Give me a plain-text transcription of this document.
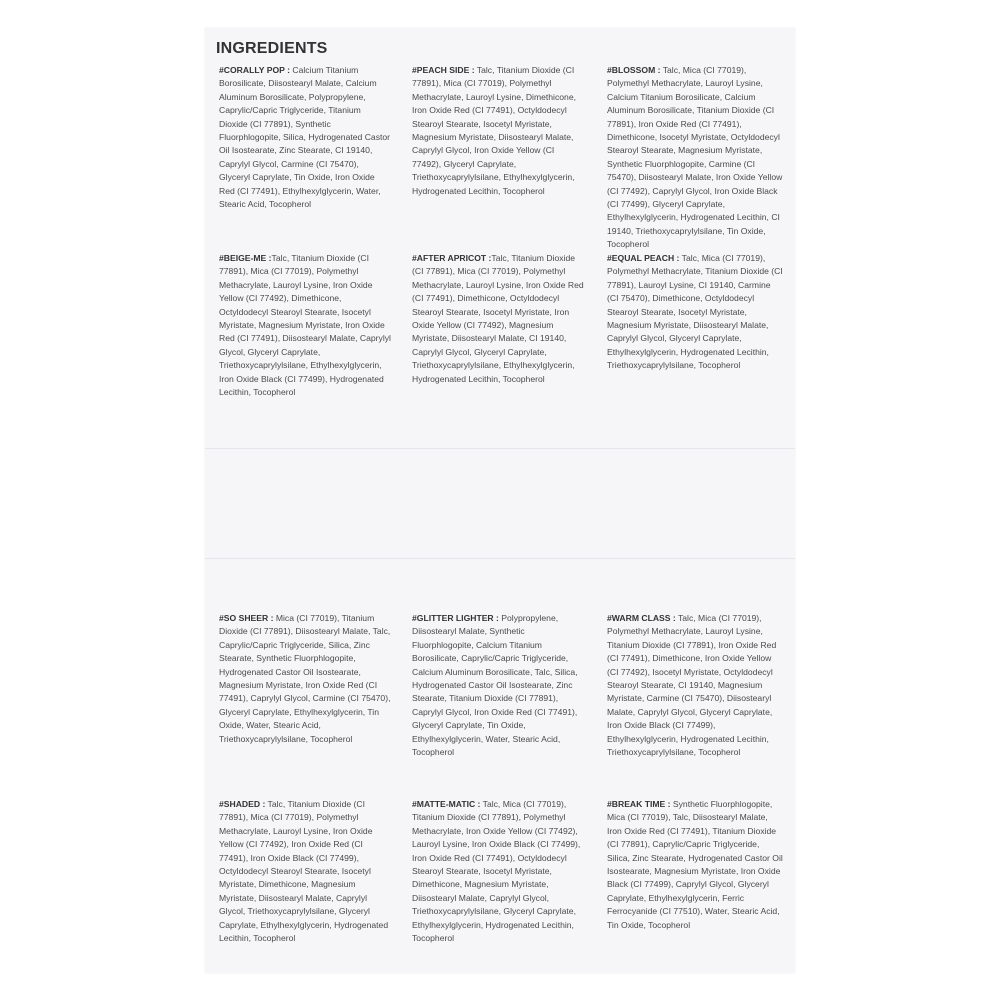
INGREDIENTS

#CORALLY POP : Calcium Titanium Borosilicate, Diisostearyl Malate, Calcium Aluminum Borosilicate, Polypropylene, Caprylic/Capric Triglyceride, Titanium Dioxide (CI 77891), Synthetic Fluorphlogopite, Silica, Hydrogenated Castor Oil Isostearate, Zinc Stearate, CI 19140, Caprylyl Glycol, Carmine (CI 75470), Glyceryl Caprylate, Tin Oxide, Iron Oxide Red (CI 77491), Ethylhexylglycerin, Water, Stearic Acid, Tocopherol

#PEACH SIDE : Talc, Titanium Dioxide (CI 77891), Mica (CI 77019), Polymethyl Methacrylate, Lauroyl Lysine, Dimethicone, Iron Oxide Red (CI 77491), Octyldodecyl Stearoyl Stearate, Isocetyl Myristate, Magnesium Myristate, Diisostearyl Malate, Caprylyl Glycol, Iron Oxide Yellow (CI 77492), Glyceryl Caprylate, Triethoxycaprylylsilane, Ethylhexylglycerin, Hydrogenated Lecithin, Tocopherol

#BLOSSOM : Talc, Mica (CI 77019), Polymethyl Methacrylate, Lauroyl Lysine, Calcium Titanium Borosilicate, Calcium Aluminum Borosilicate, Titanium Dioxide (CI 77891), Iron Oxide Red (CI 77491), Dimethicone, Isocetyl Myristate, Octyldodecyl Stearoyl Stearate, Magnesium Myristate, Synthetic Fluorphlogopite, Carmine (CI 75470), Diisostearyl Malate, Iron Oxide Yellow (CI 77492), Caprylyl Glycol, Iron Oxide Black (CI 77499), Glyceryl Caprylate, Ethylhexylglycerin, Hydrogenated Lecithin, CI 19140, Triethoxycaprylylsilane, Tin Oxide, Tocopherol

#BEIGE-ME :Talc, Titanium Dioxide (CI 77891), Mica (CI 77019), Polymethyl Methacrylate, Lauroyl Lysine, Iron Oxide Yellow (CI 77492), Dimethicone, Octyldodecyl Stearoyl Stearate, Isocetyl Myristate, Magnesium Myristate, Iron Oxide Red (CI 77491), Diisostearyl Malate, Caprylyl Glycol, Glyceryl Caprylate, Triethoxycaprylylsilane, Ethylhexylglycerin, Iron Oxide Black (CI 77499), Hydrogenated Lecithin, Tocopherol

#AFTER APRICOT :Talc, Titanium Dioxide (CI 77891), Mica (CI 77019), Polymethyl Methacrylate, Lauroyl Lysine, Iron Oxide Red (CI 77491), Dimethicone, Octyldodecyl Stearoyl Stearate, Isocetyl Myristate, Iron Oxide Yellow (CI 77492), Magnesium Myristate, Diisostearyl Malate, CI 19140, Caprylyl Glycol, Glyceryl Caprylate, Triethoxycaprylylsilane, Ethylhexylglycerin, Hydrogenated Lecithin, Tocopherol

#EQUAL PEACH : Talc, Mica (CI 77019), Polymethyl Methacrylate, Titanium Dioxide (CI 77891), Lauroyl Lysine, CI 19140, Carmine (CI 75470), Dimethicone, Octyldodecyl Stearoyl Stearate, Isocetyl Myristate, Magnesium Myristate, Diisostearyl Malate, Caprylyl Glycol, Glyceryl Caprylate, Ethylhexylglycerin, Hydrogenated Lecithin, Triethoxycaprylylsilane, Tocopherol

#SO SHEER : Mica (CI 77019), Titanium Dioxide (CI 77891), Diisostearyl Malate, Talc, Caprylic/Capric Triglyceride, Silica, Zinc Stearate, Synthetic Fluorphlogopite, Hydrogenated Castor Oil Isostearate, Magnesium Myristate, Iron Oxide Red (CI 77491), Caprylyl Glycol, Carmine (CI 75470), Glyceryl Caprylate, Ethylhexylglycerin, Tin Oxide, Water, Stearic Acid, Triethoxycaprylylsilane, Tocopherol

#GLITTER LIGHTER : Polypropylene, Diisostearyl Malate, Synthetic Fluorphlogopite, Calcium Titanium Borosilicate, Caprylic/Capric Triglyceride, Calcium Aluminum Borosilicate, Talc, Silica, Hydrogenated Castor Oil Isostearate, Zinc Stearate, Titanium Dioxide (CI 77891), Caprylyl Glycol, Iron Oxide Red (CI 77491), Glyceryl Caprylate, Tin Oxide, Ethylhexylglycerin, Water, Stearic Acid, Tocopherol

#WARM CLASS : Talc, Mica (CI 77019), Polymethyl Methacrylate, Lauroyl Lysine, Titanium Dioxide (CI 77891), Iron Oxide Red (CI 77491), Dimethicone, Iron Oxide Yellow (CI 77492), Isocetyl Myristate, Octyldodecyl Stearoyl Stearate, CI 19140, Magnesium Myristate, Carmine (CI 75470), Diisostearyl Malate, Caprylyl Glycol, Glyceryl Caprylate, Iron Oxide Black (CI 77499), Ethylhexylglycerin, Hydrogenated Lecithin, Triethoxycaprylylsilane, Tocopherol

#SHADED : Talc, Titanium Dioxide (CI 77891), Mica (CI 77019), Polymethyl Methacrylate, Lauroyl Lysine, Iron Oxide Yellow (CI 77492), Iron Oxide Red (CI 77491), Iron Oxide Black (CI 77499), Octyldodecyl Stearoyl Stearate, Isocetyl Myristate, Dimethicone, Magnesium Myristate, Diisostearyl Malate, Caprylyl Glycol, Triethoxycaprylylsilane, Glyceryl Caprylate, Ethylhexylglycerin, Hydrogenated Lecithin, Tocopherol

#MATTE-MATIC : Talc, Mica (CI 77019), Titanium Dioxide (CI 77891), Polymethyl Methacrylate, Iron Oxide Yellow (CI 77492), Lauroyl Lysine, Iron Oxide Black (CI 77499), Iron Oxide Red (CI 77491), Octyldodecyl Stearoyl Stearate, Isocetyl Myristate, Dimethicone, Magnesium Myristate, Diisostearyl Malate, Caprylyl Glycol, Triethoxycaprylylsilane, Glyceryl Caprylate, Ethylhexylglycerin, Hydrogenated Lecithin, Tocopherol

#BREAK TIME : Synthetic Fluorphlogopite, Mica (CI 77019), Talc, Diisostearyl Malate, Iron Oxide Red (CI 77491), Titanium Dioxide (CI 77891), Caprylic/Capric Triglyceride, Silica, Zinc Stearate, Hydrogenated Castor Oil Isostearate, Magnesium Myristate, Iron Oxide Black (CI 77499), Caprylyl Glycol, Glyceryl Caprylate, Ethylhexylglycerin, Ferric Ferrocyanide (CI 77510), Water, Stearic Acid, Tin Oxide, Tocopherol
